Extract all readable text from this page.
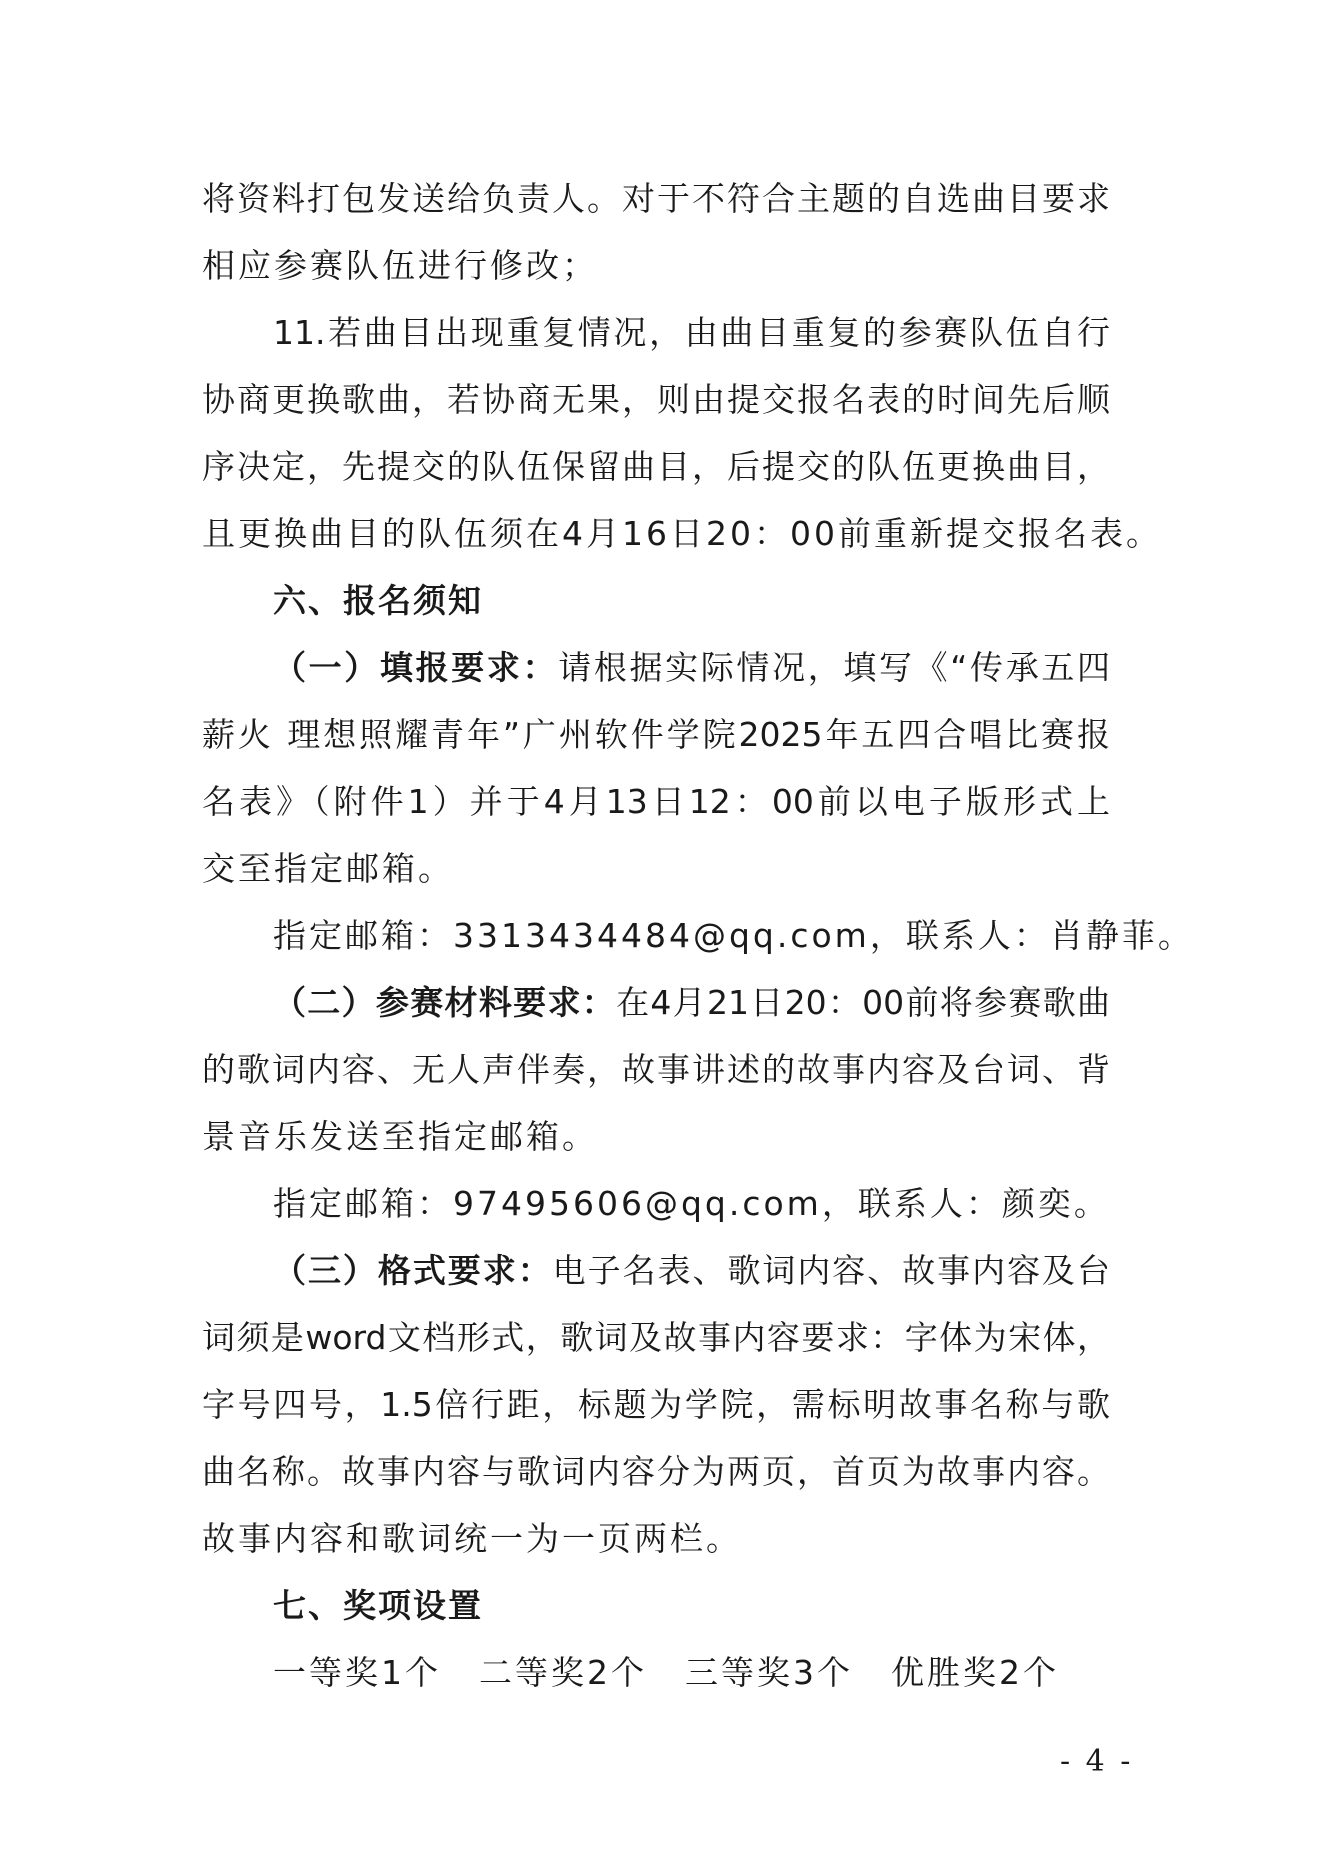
将资料打包发送给负责人。对于不符合主题的自选曲目要求
相应参赛队伍进行修改；
11.若曲目出现重复情况，由曲目重复的参赛队伍自行
协商更换歌曲，若协商无果，则由提交报名表的时间先后顺
序决定，先提交的队伍保留曲目，后提交的队伍更换曲目，
且更换曲目的队伍须在4月16日20：00前重新提交报名表。
六、报名须知
（一）填报要求：请根据实际情况，填写《“传承五四
薪火 理想照耀青年”广州软件学院2025年五四合唱比赛报
名表》（附件1）并于4月13日12：00前以电子版形式上
交至指定邮箱。
指定邮箱：3313434484@qq.com，联系人：肖静菲。
（二）参赛材料要求：在4月21日20：00前将参赛歌曲
的歌词内容、无人声伴奏，故事讲述的故事内容及台词、背
景音乐发送至指定邮箱。
指定邮箱：97495606@qq.com，联系人：颜奕。
（三）格式要求：电子名表、歌词内容、故事内容及台
词须是word文档形式，歌词及故事内容要求：字体为宋体，
字号四号，1.5倍行距，标题为学院，需标明故事名称与歌
曲名称。故事内容与歌词内容分为两页，首页为故事内容。
故事内容和歌词统一为一页两栏。
七、奖项设置
一等奖1个 二等奖2个 三等奖3个 优胜奖2个
- 4 -
